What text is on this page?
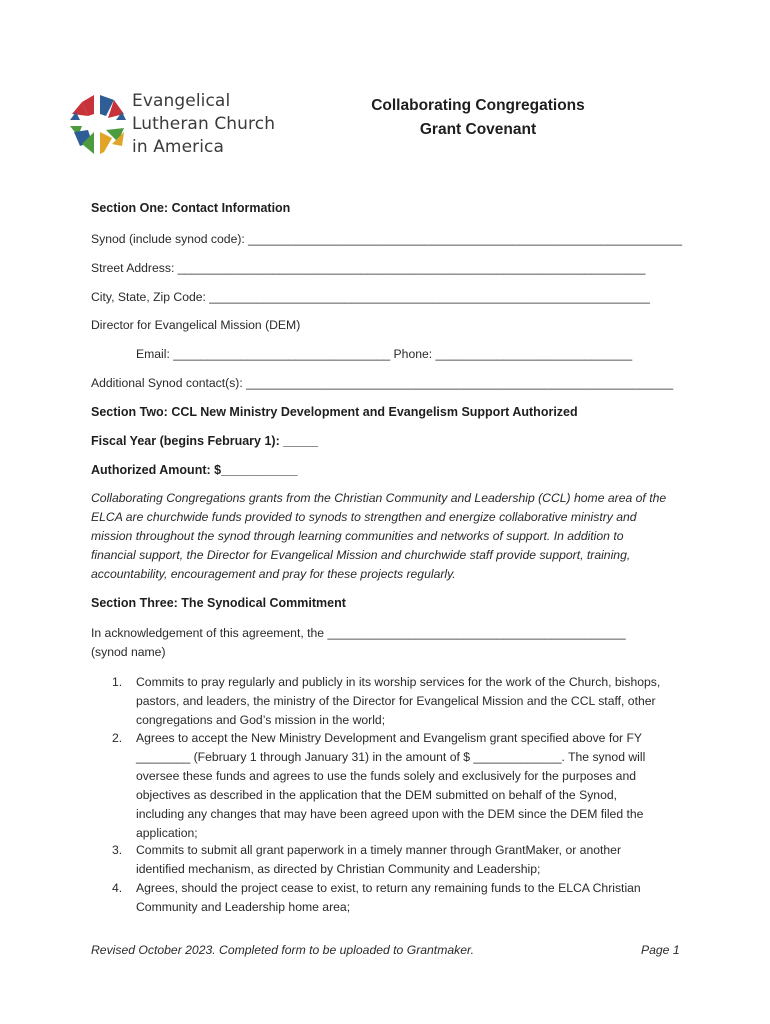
Evangelical
Lutheran Church
in America
Collaborating Congregations
Grant Covenant
Section One: Contact Information
Synod (include synod code): ________________________________________________________________
Street Address: _____________________________________________________________________
City, State, Zip Code: _________________________________________________________________
Director for Evangelical Mission (DEM)
Email: ________________________________ Phone: _____________________________
Additional Synod contact(s): _______________________________________________________________
Section Two: CCL New Ministry Development and Evangelism Support Authorized
Fiscal Year (begins February 1): _____
Authorized Amount: $___________
Collaborating Congregations grants from the Christian Community and Leadership (CCL) home area of the
ELCA are churchwide funds provided to synods to strengthen and energize collaborative ministry and
mission throughout the synod through learning communities and networks of support. In addition to
financial support, the Director for Evangelical Mission and churchwide staff provide support, training,
accountability, encouragement and pray for these projects regularly.
Section Three: The Synodical Commitment
In acknowledgement of this agreement, the ____________________________________________
(synod name)
1. Commits to pray regularly and publicly in its worship services for the work of the Church, bishops,
pastors, and leaders, the ministry of the Director for Evangelical Mission and the CCL staff, other
congregations and God’s mission in the world;
2. Agrees to accept the New Ministry Development and Evangelism grant specified above for FY
________ (February 1 through January 31) in the amount of $ _____________. The synod will
oversee these funds and agrees to use the funds solely and exclusively for the purposes and
objectives as described in the application that the DEM submitted on behalf of the Synod,
including any changes that may have been agreed upon with the DEM since the DEM filed the
application;
3. Commits to submit all grant paperwork in a timely manner through GrantMaker, or another
identified mechanism, as directed by Christian Community and Leadership;
4. Agrees, should the project cease to exist, to return any remaining funds to the ELCA Christian
Community and Leadership home area;
Revised October 2023. Completed form to be uploaded to Grantmaker.	Page 1
